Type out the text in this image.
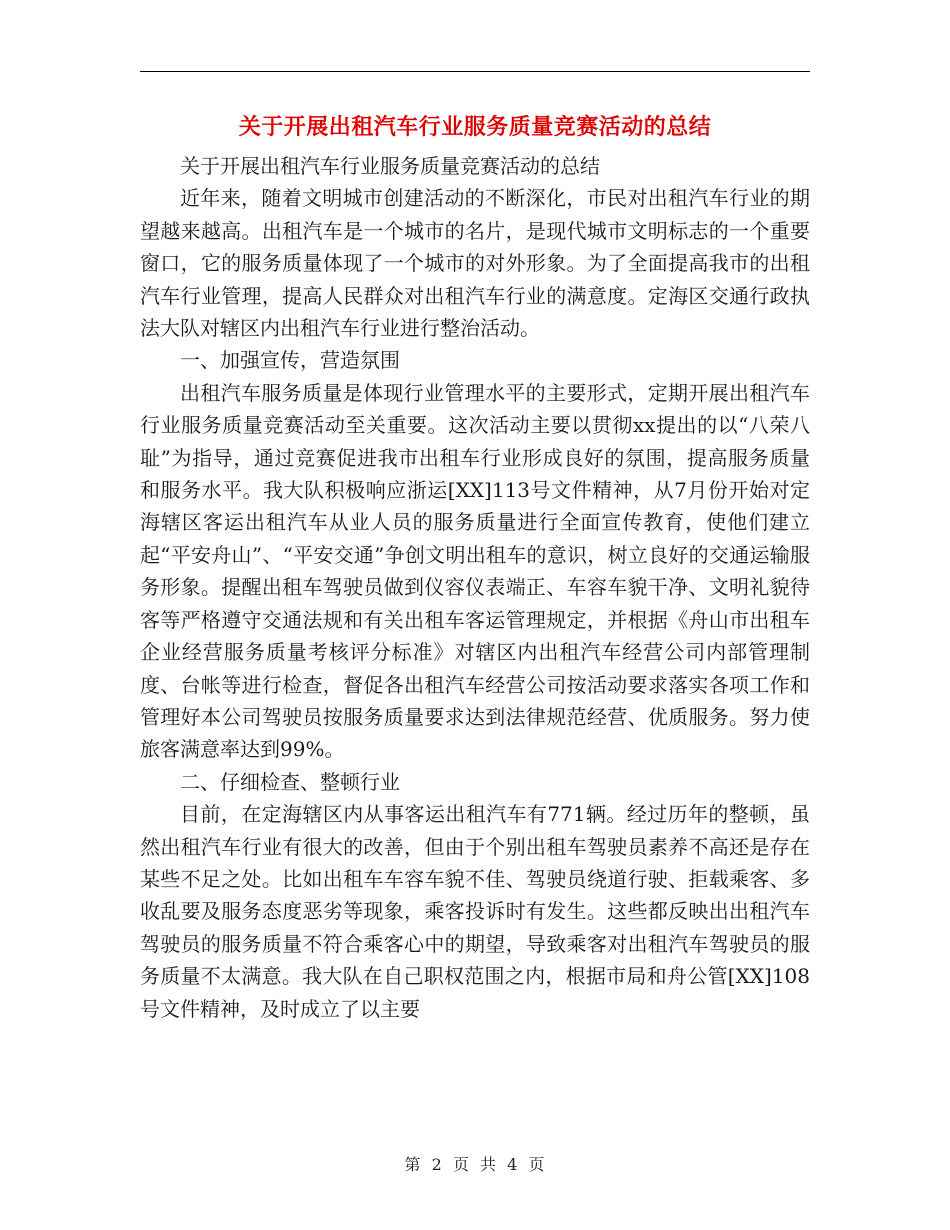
关于开展出租汽车行业服务质量竞赛活动的总结

关于开展出租汽车行业服务质量竞赛活动的总结

近年来，随着文明城市创建活动的不断深化，市民对出租汽车行业的期望越来越高。出租汽车是一个城市的名片，是现代城市文明标志的一个重要窗口，它的服务质量体现了一个城市的对外形象。为了全面提高我市的出租汽车行业管理，提高人民群众对出租汽车行业的满意度。定海区交通行政执法大队对辖区内出租汽车行业进行整治活动。

一、加强宣传，营造氛围

出租汽车服务质量是体现行业管理水平的主要形式，定期开展出租汽车行业服务质量竞赛活动至关重要。这次活动主要以贯彻xx提出的以“八荣八耻”为指导，通过竞赛促进我市出租车行业形成良好的氛围，提高服务质量和服务水平。我大队积极响应浙运[XX]113号文件精神，从7月份开始对定海辖区客运出租汽车从业人员的服务质量进行全面宣传教育，使他们建立起“平安舟山”、“平安交通”争创文明出租车的意识，树立良好的交通运输服务形象。提醒出租车驾驶员做到仪容仪表端正、车容车貌干净、文明礼貌待客等严格遵守交通法规和有关出租车客运管理规定，并根据《舟山市出租车企业经营服务质量考核评分标准》对辖区内出租汽车经营公司内部管理制度、台帐等进行检查，督促各出租汽车经营公司按活动要求落实各项工作和管理好本公司驾驶员按服务质量要求达到法律规范经营、优质服务。努力使旅客满意率达到99%。

二、仔细检查、整顿行业

目前，在定海辖区内从事客运出租汽车有771辆。经过历年的整顿，虽然出租汽车行业有很大的改善，但由于个别出租车驾驶员素养不高还是存在某些不足之处。比如出租车车容车貌不佳、驾驶员绕道行驶、拒载乘客、多收乱要及服务态度恶劣等现象，乘客投诉时有发生。这些都反映出出租汽车驾驶员的服务质量不符合乘客心中的期望，导致乘客对出租汽车驾驶员的服务质量不太满意。我大队在自己职权范围之内，根据市局和舟公管[XX]108号文件精神，及时成立了以主要

第 2 页 共 4 页
